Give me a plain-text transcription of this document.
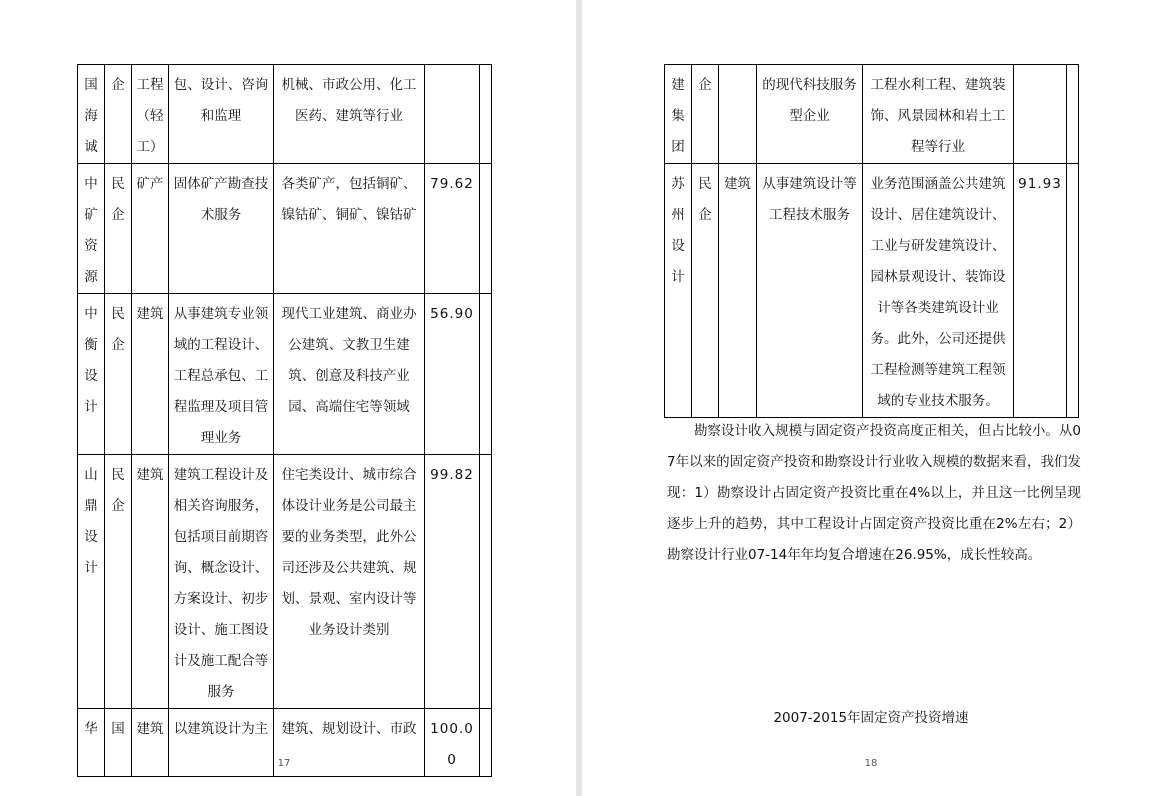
国海诚	企	工程（轻工）	包、设计、咨询和监理	机械、市政公用、化工医药、建筑等行业		
中矿资源	民企	矿产	固体矿产勘查技术服务	各类矿产，包括铜矿、镍钴矿、铜矿、镍钴矿	79.62	
中衡设计	民企	建筑	从事建筑专业领域的工程设计、工程总承包、工程监理及项目管理业务	现代工业建筑、商业办公建筑、文教卫生建筑、创意及科技产业园、高端住宅等领域	56.90	
山鼎设计	民企	建筑	建筑工程设计及相关咨询服务，包括项目前期咨询、概念设计、方案设计、初步设计、施工图设计及施工配合等服务	住宅类设计、城市综合体设计业务是公司最主要的业务类型，此外公司还涉及公共建筑、规划、景观、室内设计等业务设计类别	99.82	
华	国	建筑	以建筑设计为主	建筑、规划设计、市政	100.00	
17
建集团	企		的现代科技服务型企业	工程水利工程、建筑装饰、风景园林和岩土工程等行业		
苏州设计	民企	建筑	从事建筑设计等工程技术服务	业务范围涵盖公共建筑设计、居住建筑设计、工业与研发建筑设计、园林景观设计、装饰设计等各类建筑设计业务。此外，公司还提供工程检测等建筑工程领域的专业技术服务。	91.93	

勘察设计收入规模与固定资产投资高度正相关，但占比较小。从07年以来的固定资产投资和勘察设计行业收入规模的数据来看，我们发现：1）勘察设计占固定资产投资比重在4%以上，并且这一比例呈现逐步上升的趋势，其中工程设计占固定资产投资比重在2%左右；2）勘察设计行业07-14年年均复合增速在26.95%，成长性较高。

2007-2015年固定资产投资增速
18
